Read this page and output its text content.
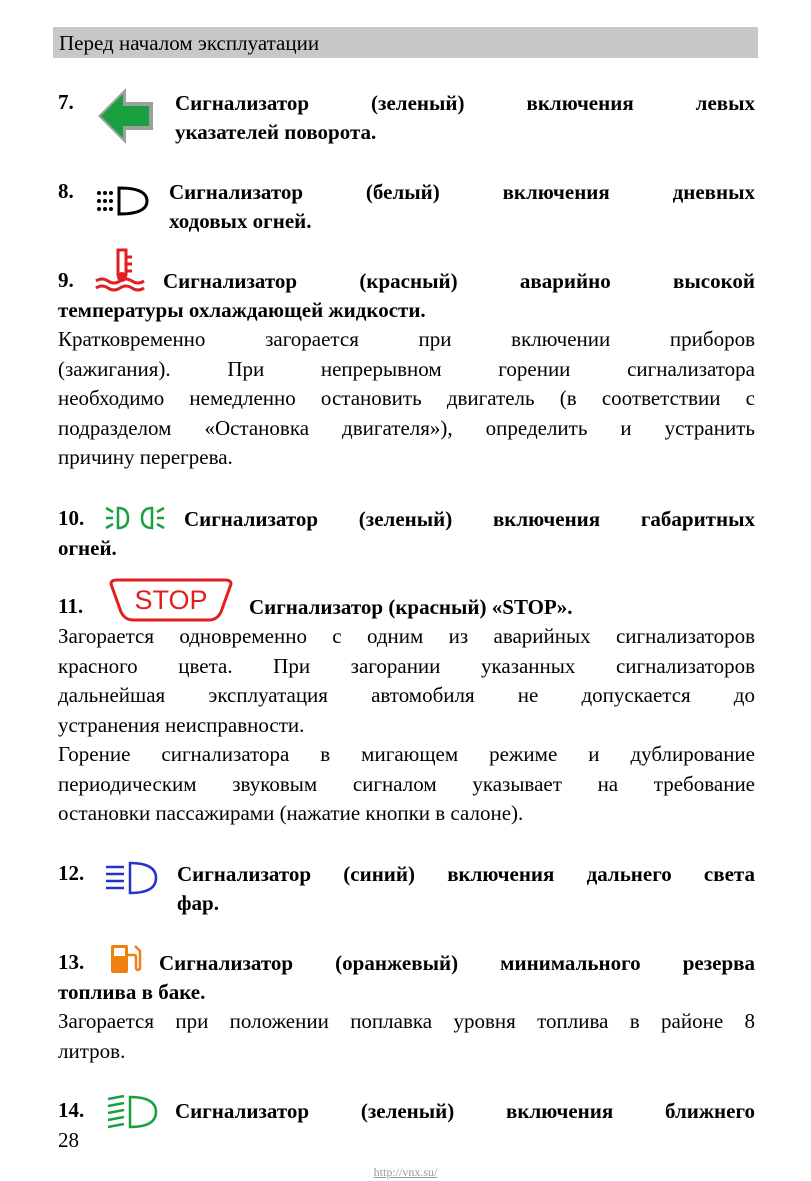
Перед началом эксплуатации
7.	Сигнализатор (зеленый) включения левых
указателей поворота.
8.	Сигнализатор (белый) включения дневных
ходовых огней.
9.	Сигнализатор (красный) аварийно высокой
температуры охлаждающей жидкости.
Кратковременно загорается при включении приборов
(зажигания). При непрерывном горении сигнализатора
необходимо немедленно остановить двигатель (в соответствии с
подразделом «Остановка двигателя»), определить и устранить
причину перегрева.
10.	Сигнализатор (зеленый) включения габаритных
огней.
11. STOP Сигнализатор (красный) «STOP».
Загорается одновременно с одним из аварийных сигнализаторов
красного цвета. При загорании указанных сигнализаторов
дальнейшая эксплуатация автомобиля не допускается до
устранения неисправности.
Горение сигнализатора в мигающем режиме и дублирование
периодическим звуковым сигналом указывает на требование
остановки пассажирами (нажатие кнопки в салоне).
12.	Сигнализатор (синий) включения дальнего света
фар.
13.	Сигнализатор (оранжевый) минимального резерва
топлива в баке.
Загорается при положении поплавка уровня топлива в районе 8
литров.
14.	Сигнализатор (зеленый) включения ближнего
28
http://vnx.su/
